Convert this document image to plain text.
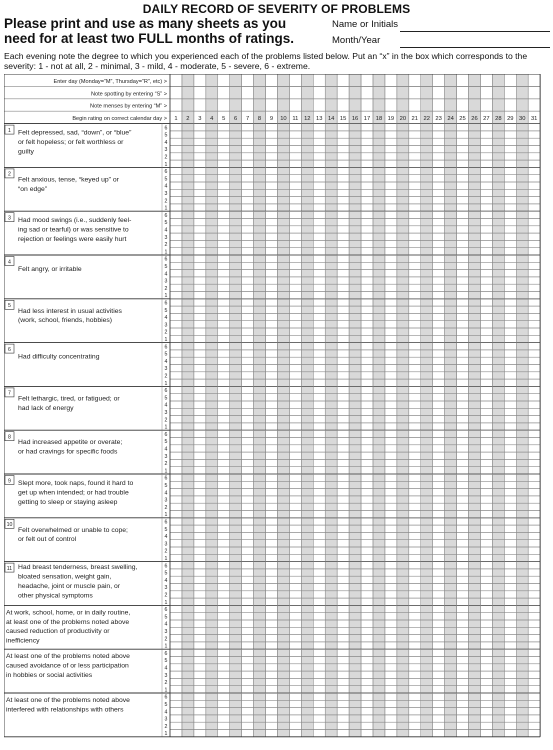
DAILY RECORD OF SEVERITY OF PROBLEMS
Please print and use as many sheets as you need for at least two FULL months of ratings.
Name or Initials
Month/Year
Each evening note the degree to which you experienced each of the problems listed below. Put an “x” in the box which corresponds to the severity: 1 - not at all, 2 - minimal, 3 - mild, 4 - moderate, 5 - severe, 6 - extreme.
Enter day (Monday=“M”, Thursday=“R”, etc) >
Note spotting by entering “S” >
Note menses by entering “M” >
Begin rating on correct calendar day > 1 2 3 4 5 6 7 8 9 10 11 12 13 14 15 16 17 18 19 20 21 22 23 24 25 26 27 28 29 30 31
1 Felt depressed, sad, “down”, or “blue”
or felt hopeless; or felt worthless or
guilty
6
5
4
3
2
1
2
Felt anxious, tense, “keyed up” or
“on edge”
6
5
4
3
2
1
3 Had mood swings (i.e., suddenly feel-
ing sad or tearful) or was sensitive to
rejection or feelings were easily hurt
6
5
4
3
2
1
4
Felt angry, or irritable
6
5
4
3
2
1
5
Had less interest in usual activities
(work, school, friends, hobbies)
6
5
4
3
2
1
6
Had difficulty concentrating
6
5
4
3
2
1
7
Felt lethargic, tired, or fatigued; or
had lack of energy
6
5
4
3
2
1
8
Had increased appetite or overate;
or had cravings for specific foods
6
5
4
3
2
1
9 Slept more, took naps, found it hard to
get up when intended; or had trouble
getting to sleep or staying asleep
6
5
4
3
2
1
10
Felt overwhelmed or unable to cope;
or felt out of control
6
5
4
3
2
1
11 Had breast tenderness, breast swelling,
bloated sensation, weight gain,
headache, joint or muscle pain, or
other physical symptoms
6
5
4
3
2
1
At work, school, home, or in daily routine,
at least one of the problems noted above
caused reduction of productivity or
inefficiency
6
5
4
3
2
1
At least one of the problems noted above
caused avoidance of or less participation
in hobbies or social activities
6
5
4
3
2
1
At least one of the problems noted above
interfered with relationships with others
6
5
4
3
2
1
